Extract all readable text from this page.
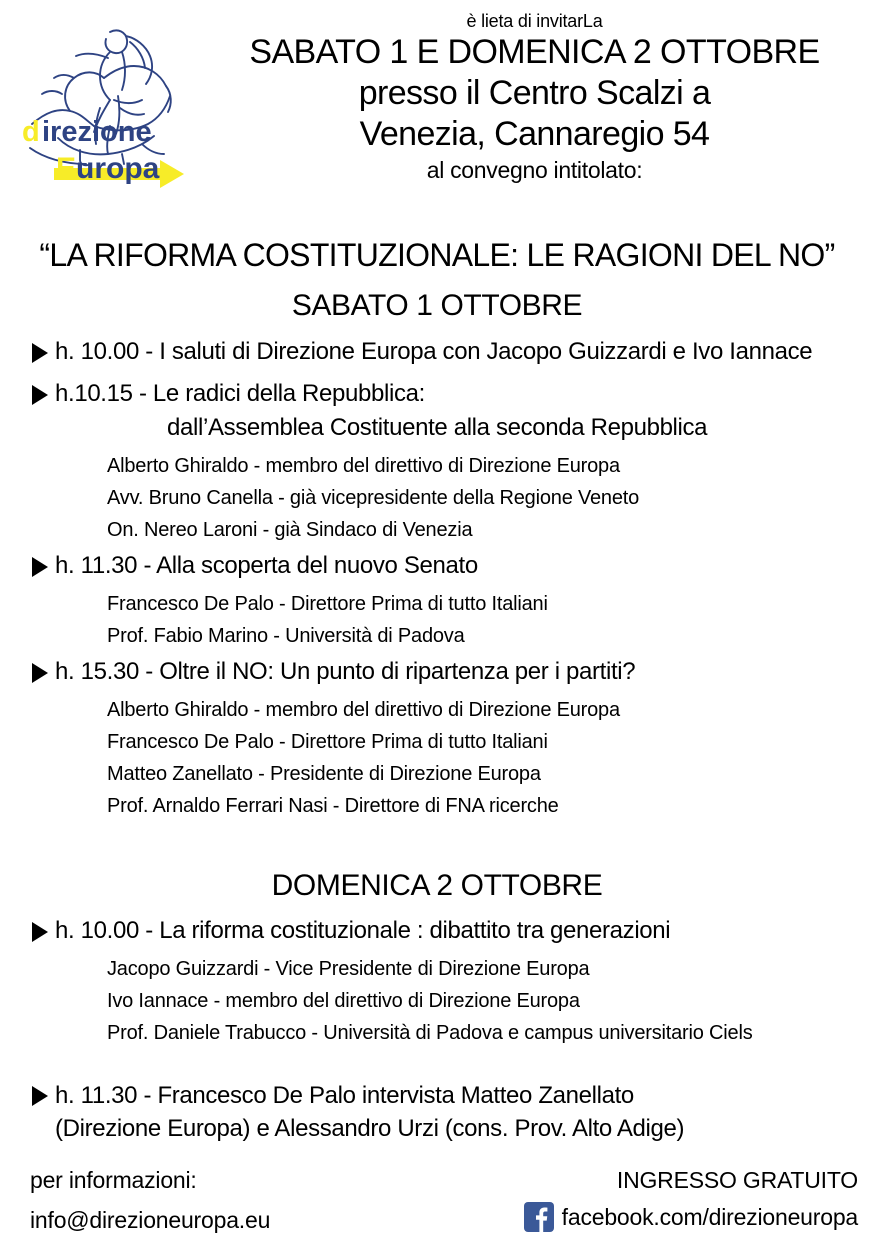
d irezione
E uropa
è lieta di invitarLa
SABATO 1 E DOMENICA 2 OTTOBRE
presso il Centro Scalzi a
Venezia, Cannaregio 54
al convegno intitolato:
“LA RIFORMA COSTITUZIONALE: LE RAGIONI DEL NO”
SABATO 1 OTTOBRE
h. 10.00 - I saluti di Direzione Europa con Jacopo Guizzardi e Ivo Iannace
h.10.15 - Le radici della Repubblica:
dall’Assemblea Costituente alla seconda Repubblica
Alberto Ghiraldo - membro del direttivo di Direzione Europa
Avv. Bruno Canella - già vicepresidente della Regione Veneto
On. Nereo Laroni - già Sindaco di Venezia
h. 11.30 - Alla scoperta del nuovo Senato
Francesco De Palo - Direttore Prima di tutto Italiani
Prof. Fabio Marino - Università di Padova
h. 15.30 - Oltre il NO: Un punto di ripartenza per i partiti?
Alberto Ghiraldo - membro del direttivo di Direzione Europa
Francesco De Palo - Direttore Prima di tutto Italiani
Matteo Zanellato - Presidente di Direzione Europa
Prof. Arnaldo Ferrari Nasi - Direttore di FNA ricerche
DOMENICA 2 OTTOBRE
h. 10.00 - La riforma costituzionale : dibattito tra generazioni
Jacopo Guizzardi - Vice Presidente di Direzione Europa
Ivo Iannace - membro del direttivo di Direzione Europa
Prof. Daniele Trabucco - Università di Padova e campus universitario Ciels
h. 11.30 - Francesco De Palo intervista Matteo Zanellato
(Direzione Europa) e Alessandro Urzi (cons. Prov. Alto Adige)
per informazioni:
info@direzioneuropa.eu
INGRESSO GRATUITO
facebook.com/direzioneuropa
